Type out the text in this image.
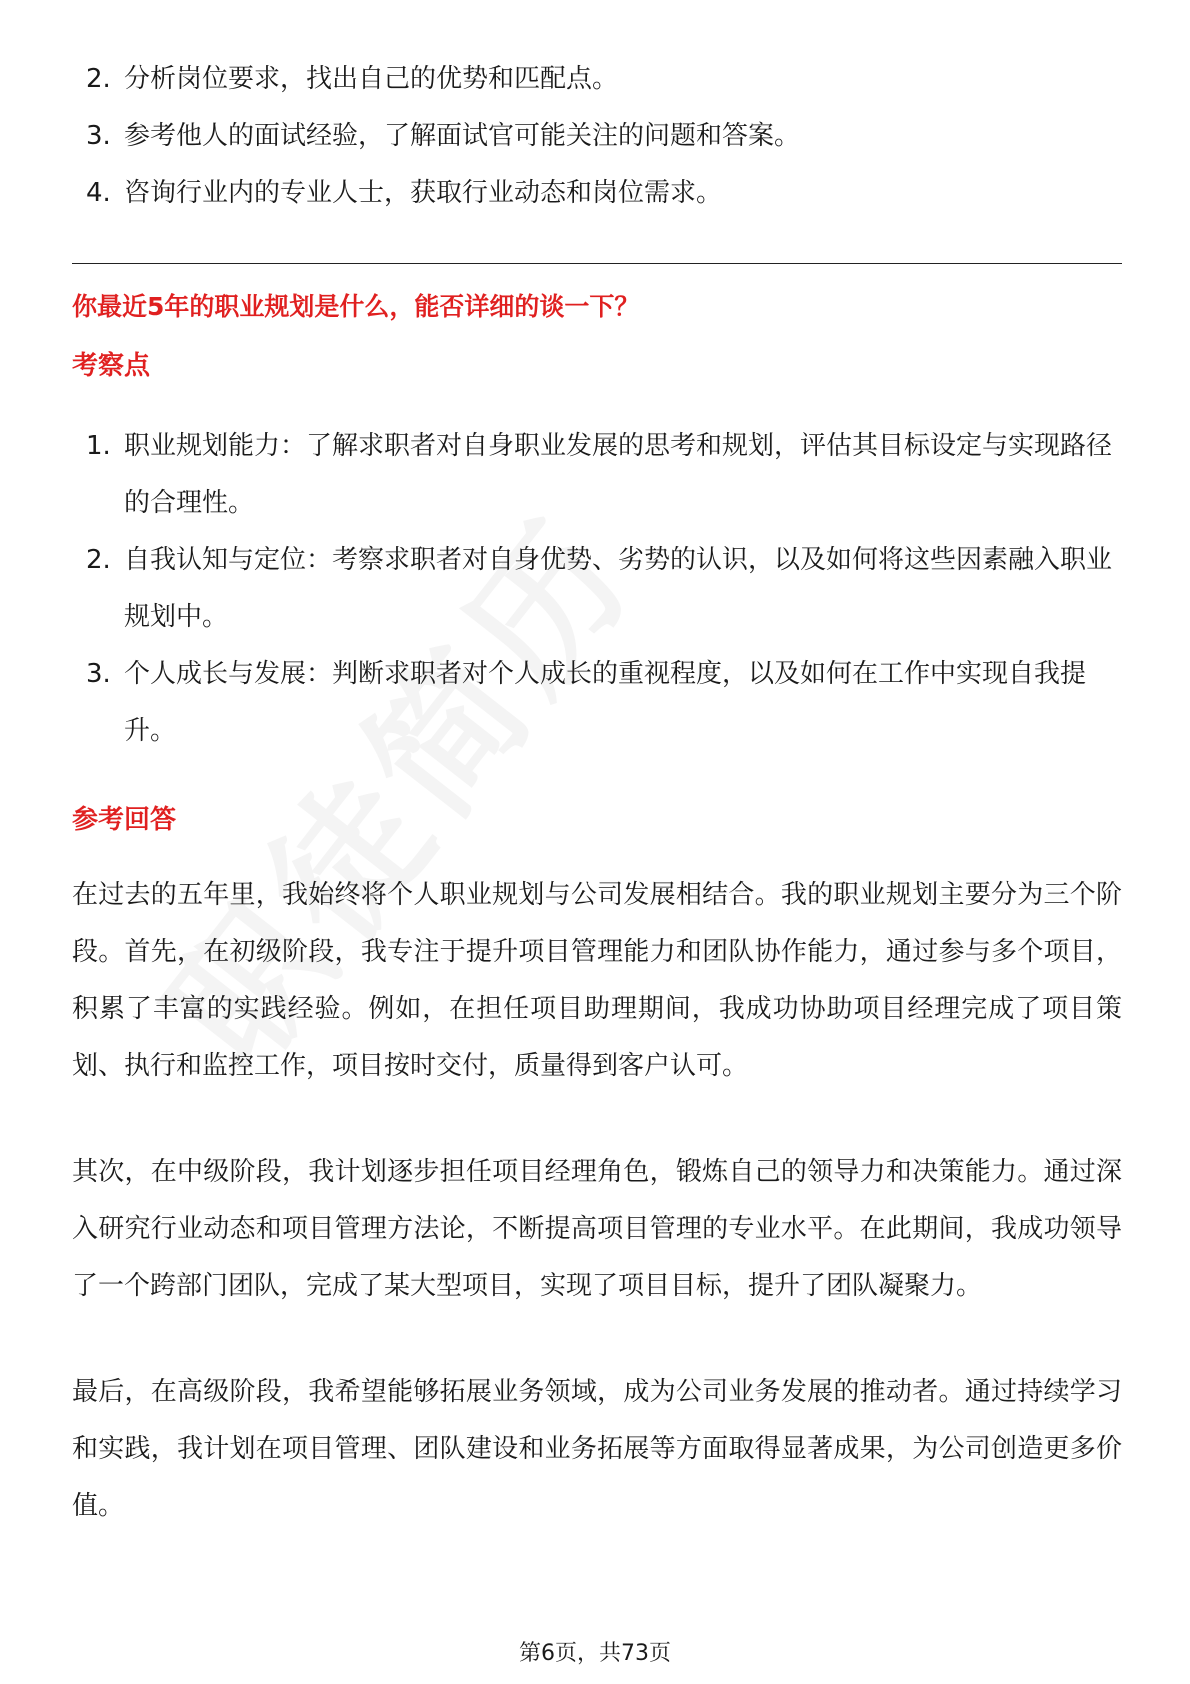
2. 分析岗位要求，找出自己的优势和匹配点。
3. 参考他人的面试经验，了解面试官可能关注的问题和答案。
4. 咨询行业内的专业人士，获取行业动态和岗位需求。
你最近5年的职业规划是什么，能否详细的谈一下？
考察点
1. 职业规划能力：了解求职者对自身职业发展的思考和规划，评估其目标设定与实现路径的合理性。
2. 自我认知与定位：考察求职者对自身优势、劣势的认识，以及如何将这些因素融入职业规划中。
3. 个人成长与发展：判断求职者对个人成长的重视程度，以及如何在工作中实现自我提升。
参考回答

在过去的五年里，我始终将个人职业规划与公司发展相结合。我的职业规划主要分为三个阶段。首先，在初级阶段，我专注于提升项目管理能力和团队协作能力，通过参与多个项目，积累了丰富的实践经验。例如，在担任项目助理期间，我成功协助项目经理完成了项目策划、执行和监控工作，项目按时交付，质量得到客户认可。

其次，在中级阶段，我计划逐步担任项目经理角色，锻炼自己的领导力和决策能力。通过深入研究行业动态和项目管理方法论，不断提高项目管理的专业水平。在此期间，我成功领导了一个跨部门团队，完成了某大型项目，实现了项目目标，提升了团队凝聚力。

最后，在高级阶段，我希望能够拓展业务领域，成为公司业务发展的推动者。通过持续学习和实践，我计划在项目管理、团队建设和业务拓展等方面取得显著成果，为公司创造更多价值。

第6页，共73页
